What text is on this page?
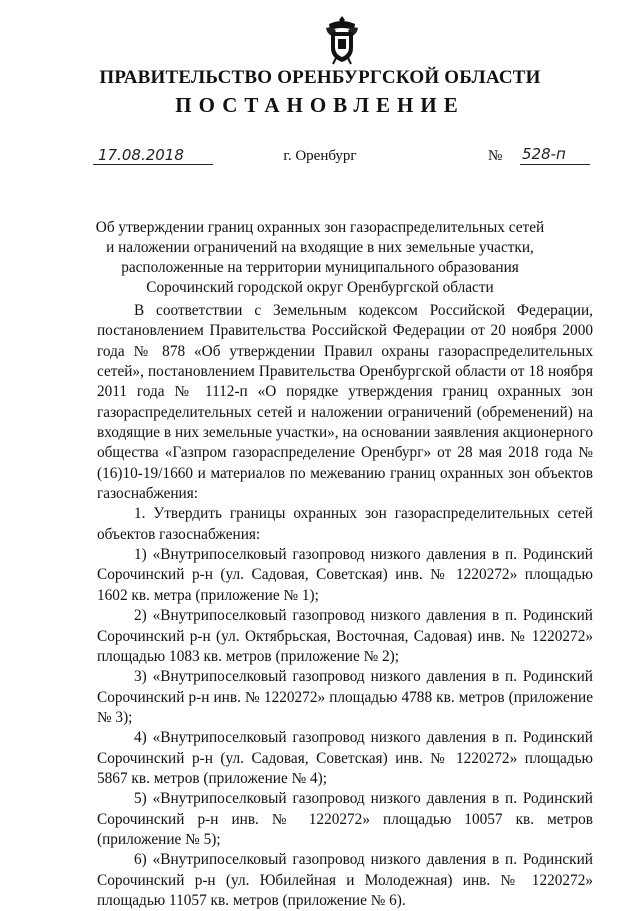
ПРАВИТЕЛЬСТВО ОРЕНБУРГСКОЙ ОБЛАСТИ
ПОСТАНОВЛЕНИЕ
17.08.2018	г. Оренбург	№ 528-п
Об утверждении границ охранных зон газораспределительных сетей
и наложении ограничений на входящие в них земельные участки,
расположенные на территории муниципального образования
Сорочинский городской округ Оренбургской области
В соответствии с Земельным кодексом Российской Федерации, постановлением Правительства Российской Федерации от 20 ноября 2000 года № 878 «Об утверждении Правил охраны газораспределительных сетей», постановлением Правительства Оренбургской области от 18 ноября 2011 года № 1112-п «О порядке утверждения границ охранных зон газораспределительных сетей и наложении ограничений (обременений) на входящие в них земельные участки», на основании заявления акционерного общества «Газпром газораспределение Оренбург» от 28 мая 2018 года № (16)10-19/1660 и материалов по межеванию границ охранных зон объектов газоснабжения:
1. Утвердить границы охранных зон газораспределительных сетей объектов газоснабжения:
1) «Внутрипоселковый газопровод низкого давления в п. Родинский Сорочинский р-н (ул. Садовая, Советская) инв. № 1220272» площадью 1602 кв. метра (приложение № 1);
2) «Внутрипоселковый газопровод низкого давления в п. Родинский Сорочинский р-н (ул. Октябрьская, Восточная, Садовая) инв. № 1220272» площадью 1083 кв. метров (приложение № 2);
3) «Внутрипоселковый газопровод низкого давления в п. Родинский Сорочинский р-н инв. № 1220272» площадью 4788 кв. метров (приложение № 3);
4) «Внутрипоселковый газопровод низкого давления в п. Родинский Сорочинский р-н (ул. Садовая, Советская) инв. № 1220272» площадью 5867 кв. метров (приложение № 4);
5) «Внутрипоселковый газопровод низкого давления в п. Родинский Сорочинский р-н инв. № 1220272» площадью 10057 кв. метров (приложение № 5);
6) «Внутрипоселковый газопровод низкого давления в п. Родинский Сорочинский р-н (ул. Юбилейная и Молодежная) инв. № 1220272» площадью 11057 кв. метров (приложение № 6).
